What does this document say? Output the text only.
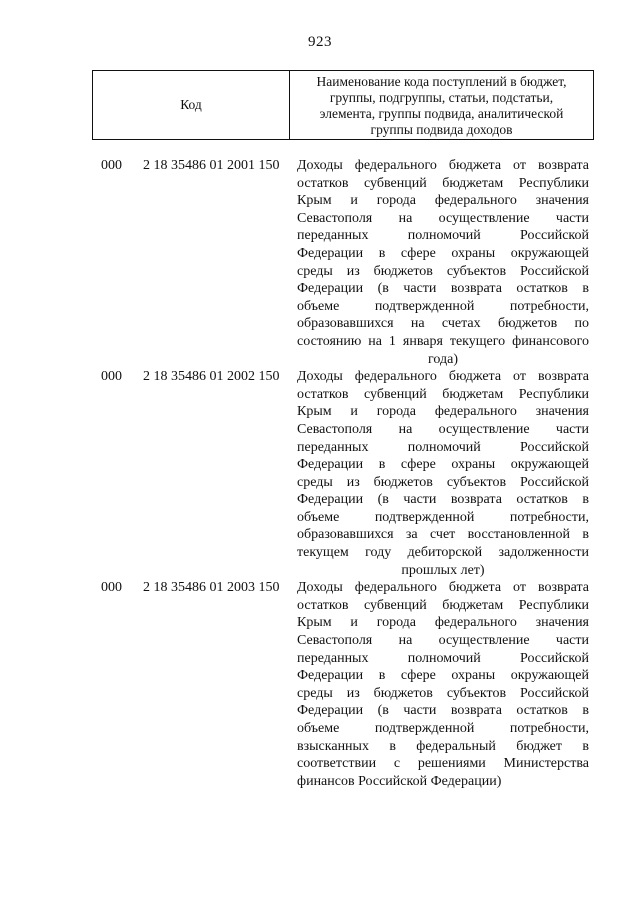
923
Код	
Наименование кода поступлений в бюджет,
группы, подгруппы, статьи, подстатьи,
элемента, группы подвида, аналитической
группы подвида доходов
000 2 18 35486 01 2001 150 Доходы федерального бюджета от возврата
остатков субвенций бюджетам Республики
Крым и города федерального значения
Севастополя на осуществление части
переданных полномочий Российской
Федерации в сфере охраны окружающей
среды из бюджетов субъектов Российской
Федерации (в части возврата остатков в
объеме подтвержденной потребности,
образовавшихся на счетах бюджетов по
состоянию на 1 января текущего финансового
года)
000 2 18 35486 01 2002 150 Доходы федерального бюджета от возврата
остатков субвенций бюджетам Республики
Крым и города федерального значения
Севастополя на осуществление части
переданных полномочий Российской
Федерации в сфере охраны окружающей
среды из бюджетов субъектов Российской
Федерации (в части возврата остатков в
объеме подтвержденной потребности,
образовавшихся за счет восстановленной в
текущем году дебиторской задолженности
прошлых лет)
000 2 18 35486 01 2003 150 Доходы федерального бюджета от возврата
остатков субвенций бюджетам Республики
Крым и города федерального значения
Севастополя на осуществление части
переданных полномочий Российской
Федерации в сфере охраны окружающей
среды из бюджетов субъектов Российской
Федерации (в части возврата остатков в
объеме подтвержденной потребности,
взысканных в федеральный бюджет в
соответствии с решениями Министерства
финансов Российской Федерации)
